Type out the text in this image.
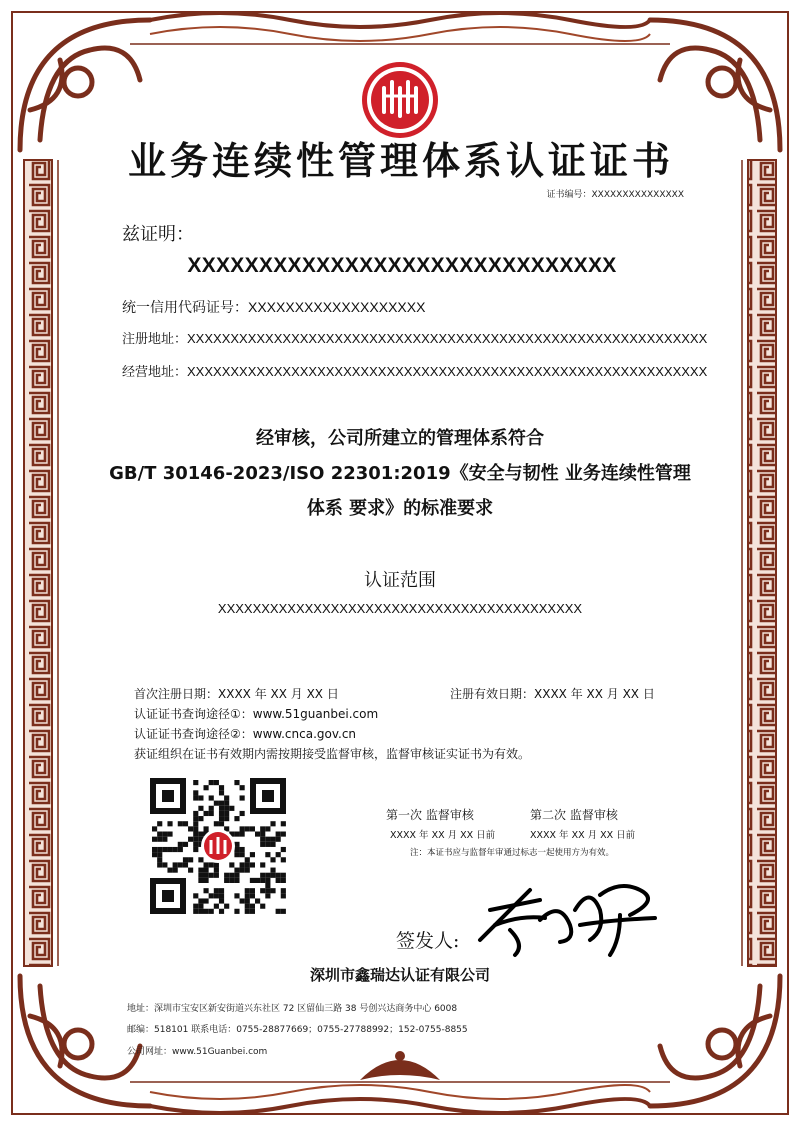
业务连续性管理体系认证证书
证书编号：XXXXXXXXXXXXXXX
兹证明：
XXXXXXXXXXXXXXXXXXXXXXXXXXXXXX
统一信用代码证号：XXXXXXXXXXXXXXXXXXX
注册地址：XXXXXXXXXXXXXXXXXXXXXXXXXXXXXXXXXXXXXXXXXXXXXXXXXXXXXXXXXXXX
经营地址：XXXXXXXXXXXXXXXXXXXXXXXXXXXXXXXXXXXXXXXXXXXXXXXXXXXXXXXXXXXX
经审核，公司所建立的管理体系符合
GB/T 30146-2023/ISO 22301:2019《安全与韧性 业务连续性管理
体系 要求》的标准要求
认证范围
XXXXXXXXXXXXXXXXXXXXXXXXXXXXXXXXXXXXXXXXXX
首次注册日期：XXXX 年 XX 月 XX 日	注册有效日期：XXXX 年 XX 月 XX 日
认证证书查询途径①：www.51guanbei.com
认证证书查询途径②：www.cnca.gov.cn
获证组织在证书有效期内需按期接受监督审核，监督审核证实证书为有效。
第一次 监督审核	第二次 监督审核
XXXX 年 XX 月 XX 日前	XXXX 年 XX 月 XX 日前
注：本证书应与监督年审通过标志一起使用方为有效。
签发人:
深圳市鑫瑞达认证有限公司
地址：深圳市宝安区新安街道兴东社区 72 区留仙三路 38 号创兴达商务中心 6008
邮编：518101 联系电话：0755-28877669；0755-27788992；152-0755-8855
公司网址：www.51Guanbei.com
